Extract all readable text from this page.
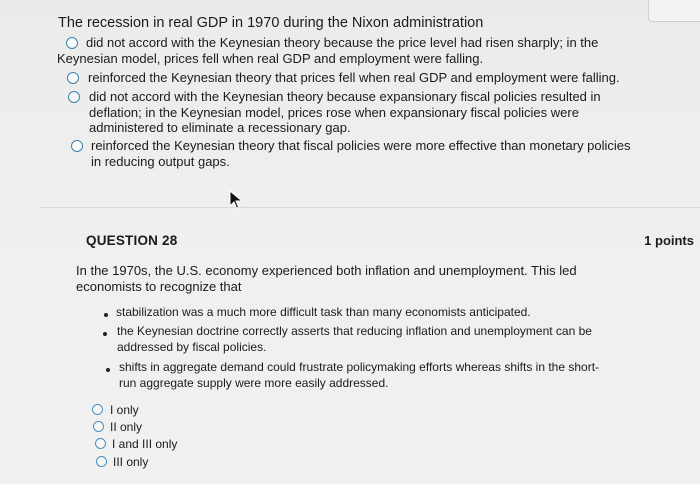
The recession in real GDP in 1970 during the Nixon administration
did not accord with the Keynesian theory because the price level had risen sharply; in the
Keynesian model, prices fell when real GDP and employment were falling.
reinforced the Keynesian theory that prices fell when real GDP and employment were falling.
did not accord with the Keynesian theory because expansionary fiscal policies resulted in
deflation; in the Keynesian model, prices rose when expansionary fiscal policies were
administered to eliminate a recessionary gap.
reinforced the Keynesian theory that fiscal policies were more effective than monetary policies
in reducing output gaps.
QUESTION 28	1 points
In the 1970s, the U.S. economy experienced both inflation and unemployment. This led
economists to recognize that
stabilization was a much more difficult task than many economists anticipated.
the Keynesian doctrine correctly asserts that reducing inflation and unemployment can be
addressed by fiscal policies.
shifts in aggregate demand could frustrate policymaking efforts whereas shifts in the short-
run aggregate supply were more easily addressed.
I only
II only
I and III only
III only
